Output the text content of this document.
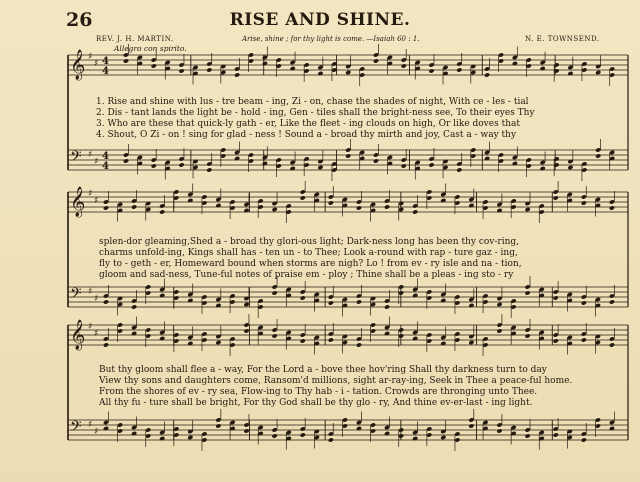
26	RISE AND SHINE.
REV. J. H. MARTIN.	Arise, shine ; for thy light is come. —Isaiah 60 : 1.	N. E. TOWNSEND.
Allegro con spirito.
𝄞 ♯
♯ 4
4
𝄢 ♯
♯ 4
4
𝄞 ♯
♯
𝄢 ♯
♯
𝄞 ♯
♯
𝄢 ♯
♯
1. Rise and shine with lus - tre beam - ing, Zi - on, chase the shades of night, With ce - les - tial
2. Dis - tant lands the light be - hold - ing, Gen - tiles shall the bright-ness see, To their eyes Thy
3. Who are these that quick-ly gath - er, Like the fleet - ing clouds on high, Or like doves that
4. Shout, O Zi - on ! sing for glad - ness ! Sound a - broad thy mirth and joy, Cast a - way thy
splen-dor gleaming,Shed a - broad thy glori-ous light; Dark-ness long has been thy cov-ring,
charms unfold-ing, Kings shall has - ten un - to Thee; Look a-round with rap - ture gaz - ing,
fly to - geth - er, Homeward bound when storms are nigh? Lo ! from ev - ry isle and na - tion,
gloom and sad-ness, Tune-ful notes of praise em - ploy ; Thine shall be a pleas - ing sto - ry
But thy gloom shall flee a - way, For the Lord a - bove thee hov'ring Shall thy darkness turn to day
View thy sons and daughters come, Ransom'd millions, sight ar-ray-ing, Seek in Thee a peace-ful home.
From the shores of ev - ry sea, Flow-ing to Thy hab - i - tation. Crowds are thronging unto Thee.
All thy fu - ture shall be bright, For thy God shall be thy glo - ry, And thine ev-er-last - ing light.
